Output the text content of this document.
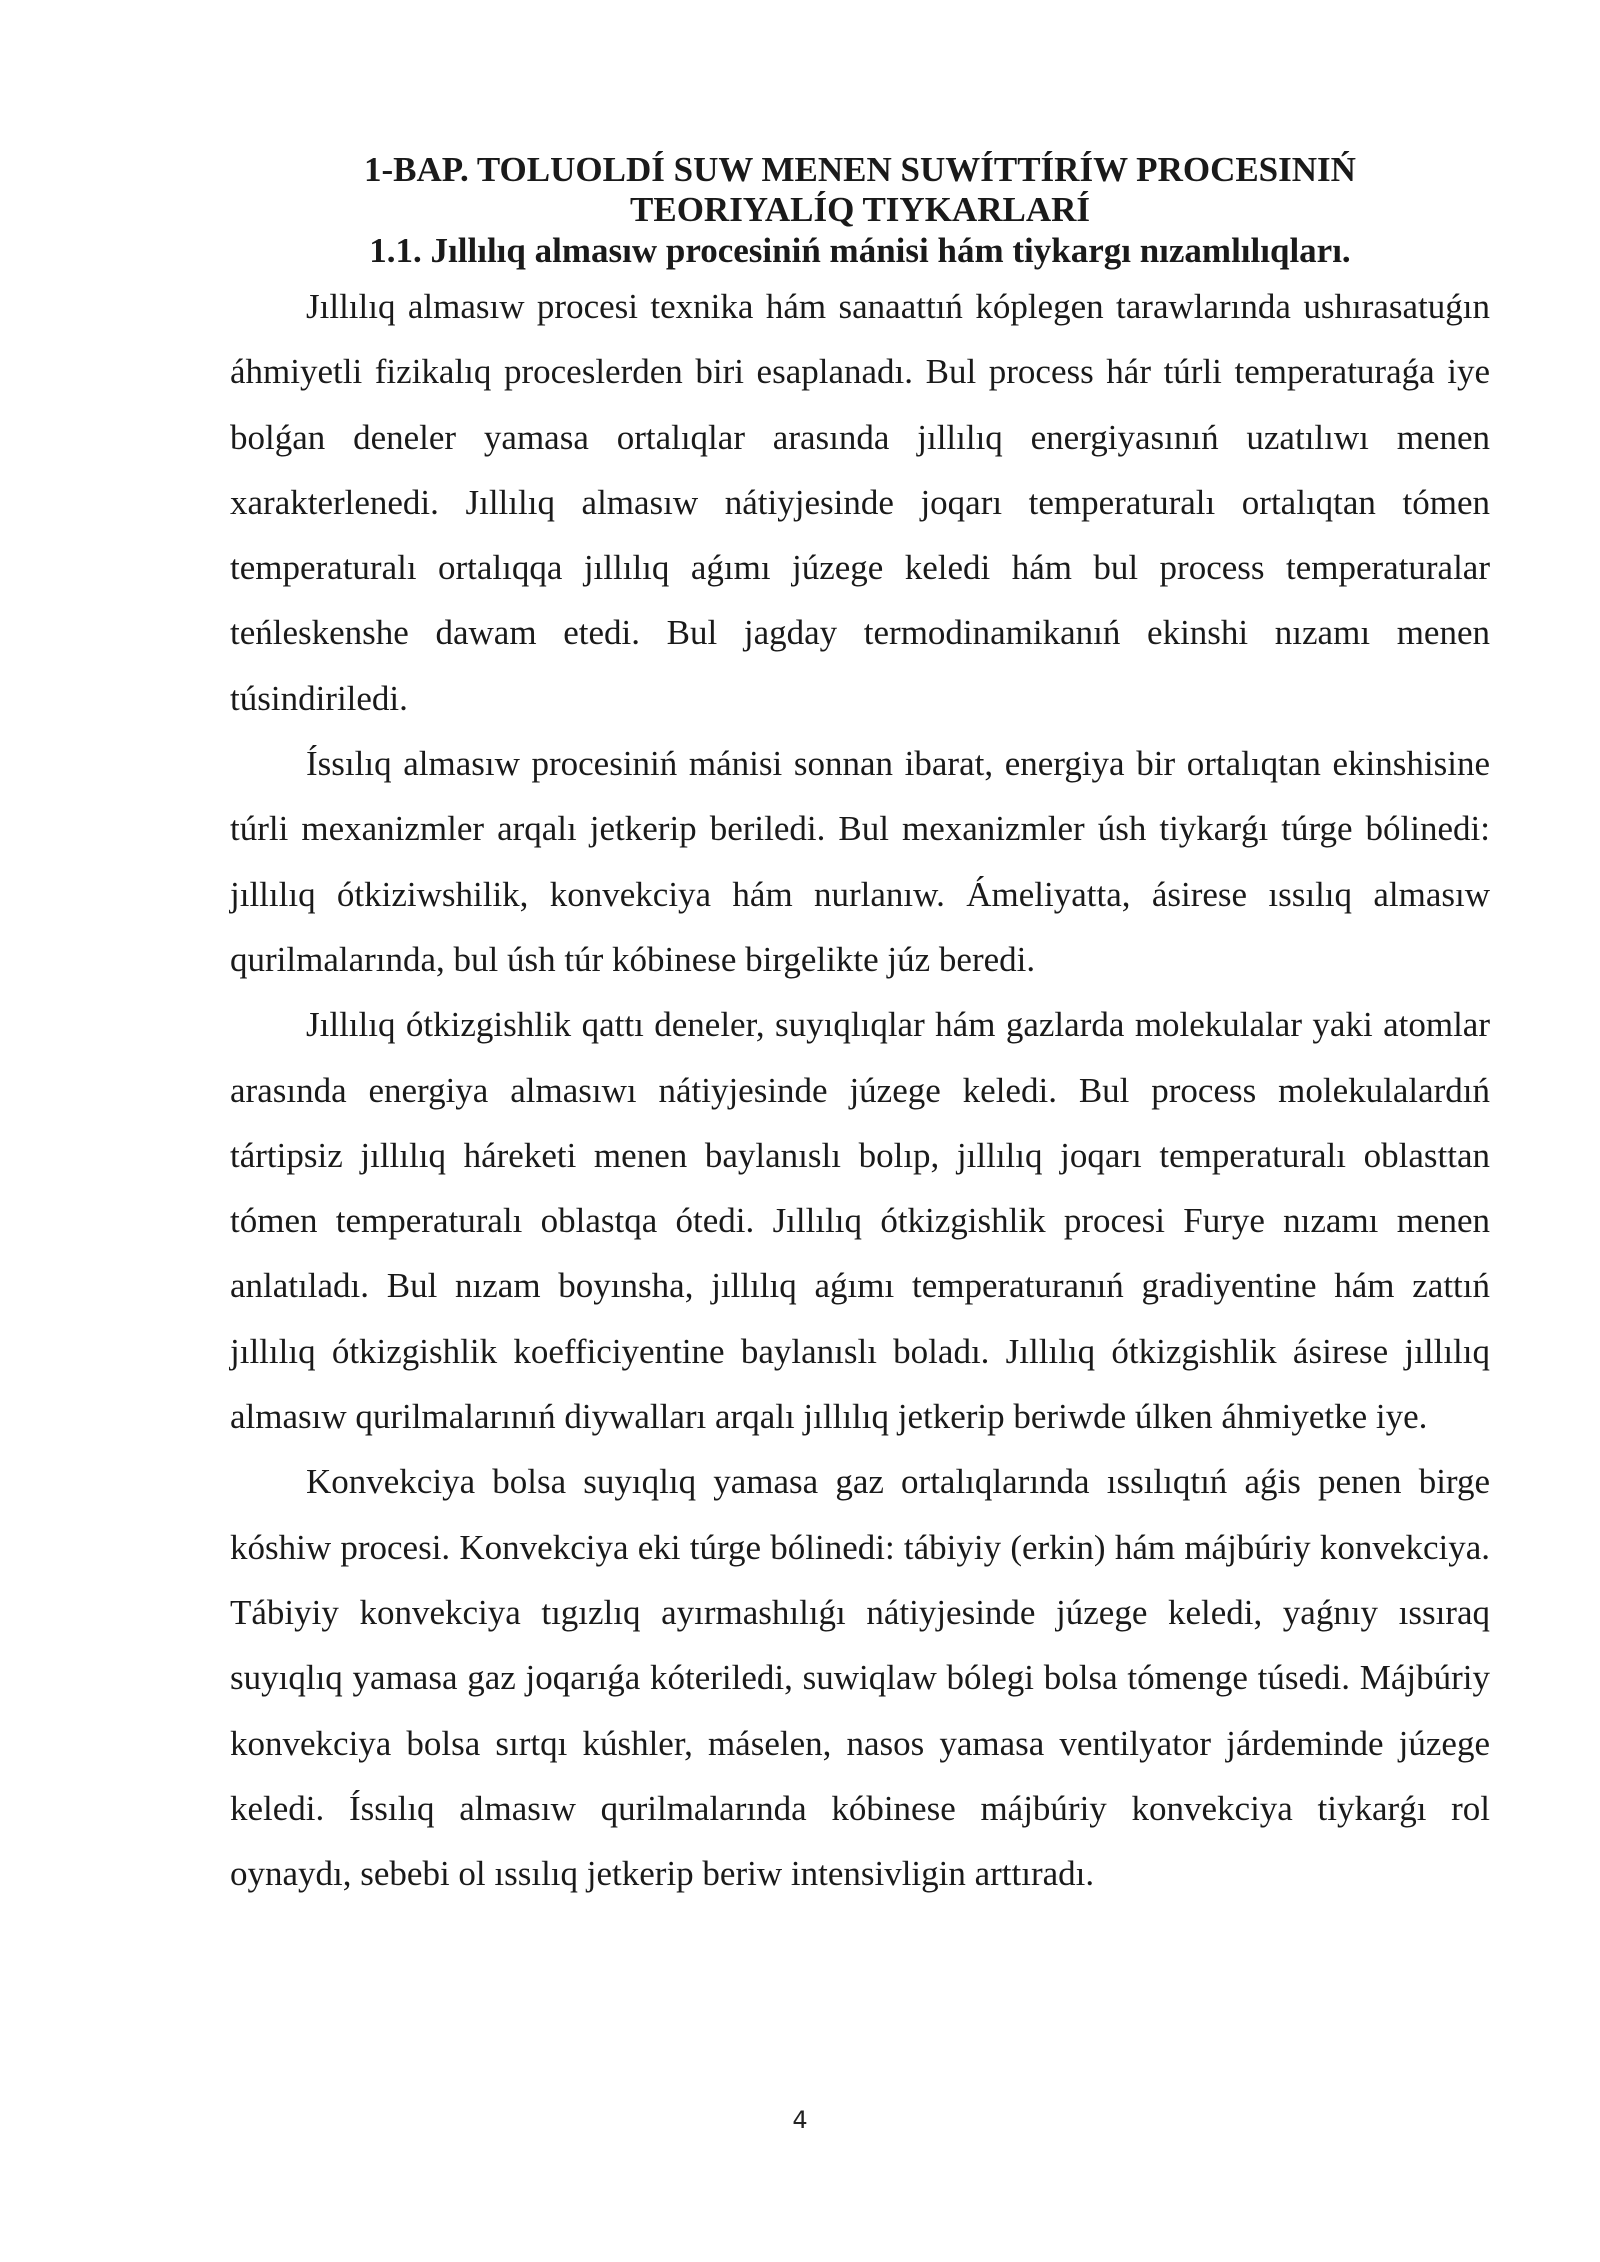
1-BAP. TOLUOLDÍ SUW MENEN SUWÍTTÍRÍW PROCESINIŃ TEORIYALÍQ TIYKARLARÍ
1.1. Jıllılıq almasıw procesiniń mánisi hám tiykargı nızamlılıqları.

Jıllılıq almasıw procesi texnika hám sanaattıń kóplegen tarawlarında ushırasatuǵın áhmiyetli fizikalıq proceslerden biri esaplanadı. Bul process hár túrli temperaturaǵa iye bolǵan deneler yamasa ortalıqlar arasında jıllılıq energiyasınıń uzatılıwı menen xarakterlenedi. Jıllılıq almasıw nátiyjesinde joqarı temperaturalı ortalıqtan tómen temperaturalı ortalıqqa jıllılıq aǵımı júzege keledi hám bul process temperaturalar teńleskenshe dawam etedi. Bul jagday termodinamikanıń ekinshi nızamı menen túsindiriledi.

Íssılıq almasıw procesiniń mánisi sonnan ibarat, energiya bir ortalıqtan ekinshisine túrli mexanizmler arqalı jetkerip beriledi. Bul mexanizmler úsh tiykarǵı túrge bólinedi: jıllılıq ótkiziwshilik, konvekciya hám nurlanıw. Ámeliyatta, ásirese ıssılıq almasıw qurilmalarında, bul úsh túr kóbinese birgelikte júz beredi.

Jıllılıq ótkizgishlik qattı deneler, suyıqlıqlar hám gazlarda molekulalar yaki atomlar arasında energiya almasıwı nátiyjesinde júzege keledi. Bul process molekulalardıń tártipsiz jıllılıq háreketi menen baylanıslı bolıp, jıllılıq joqarı temperaturalı oblasttan tómen temperaturalı oblastqa ótedi. Jıllılıq ótkizgishlik procesi Furye nızamı menen anlatıladı. Bul nızam boyınsha, jıllılıq aǵımı temperaturanıń gradiyentine hám zattıń jıllılıq ótkizgishlik koefficiyentine baylanıslı boladı. Jıllılıq ótkizgishlik ásirese jıllılıq almasıw qurilmalarınıń diywalları arqalı jıllılıq jetkerip beriwde úlken áhmiyetke iye.

Konvekciya bolsa suyıqlıq yamasa gaz ortalıqlarında ıssılıqtıń aǵis penen birge kóshiw procesi. Konvekciya eki túrge bólinedi: tábiyiy (erkin) hám májbúriy konvekciya. Tábiyiy konvekciya tıgızlıq ayırmashılıǵı nátiyjesinde júzege keledi, yaǵnıy ıssıraq suyıqlıq yamasa gaz joqarıǵa kóteriledi, suwiqlaw bólegi bolsa tómenge túsedi. Májbúriy konvekciya bolsa sırtqı kúshler, máselen, nasos yamasa ventilyator járdeminde júzege keledi. Íssılıq almasıw qurilmalarında kóbinese májbúriy konvekciya tiykarǵı rol oynaydı, sebebi ol ıssılıq jetkerip beriw intensivligin arttıradı.

4
